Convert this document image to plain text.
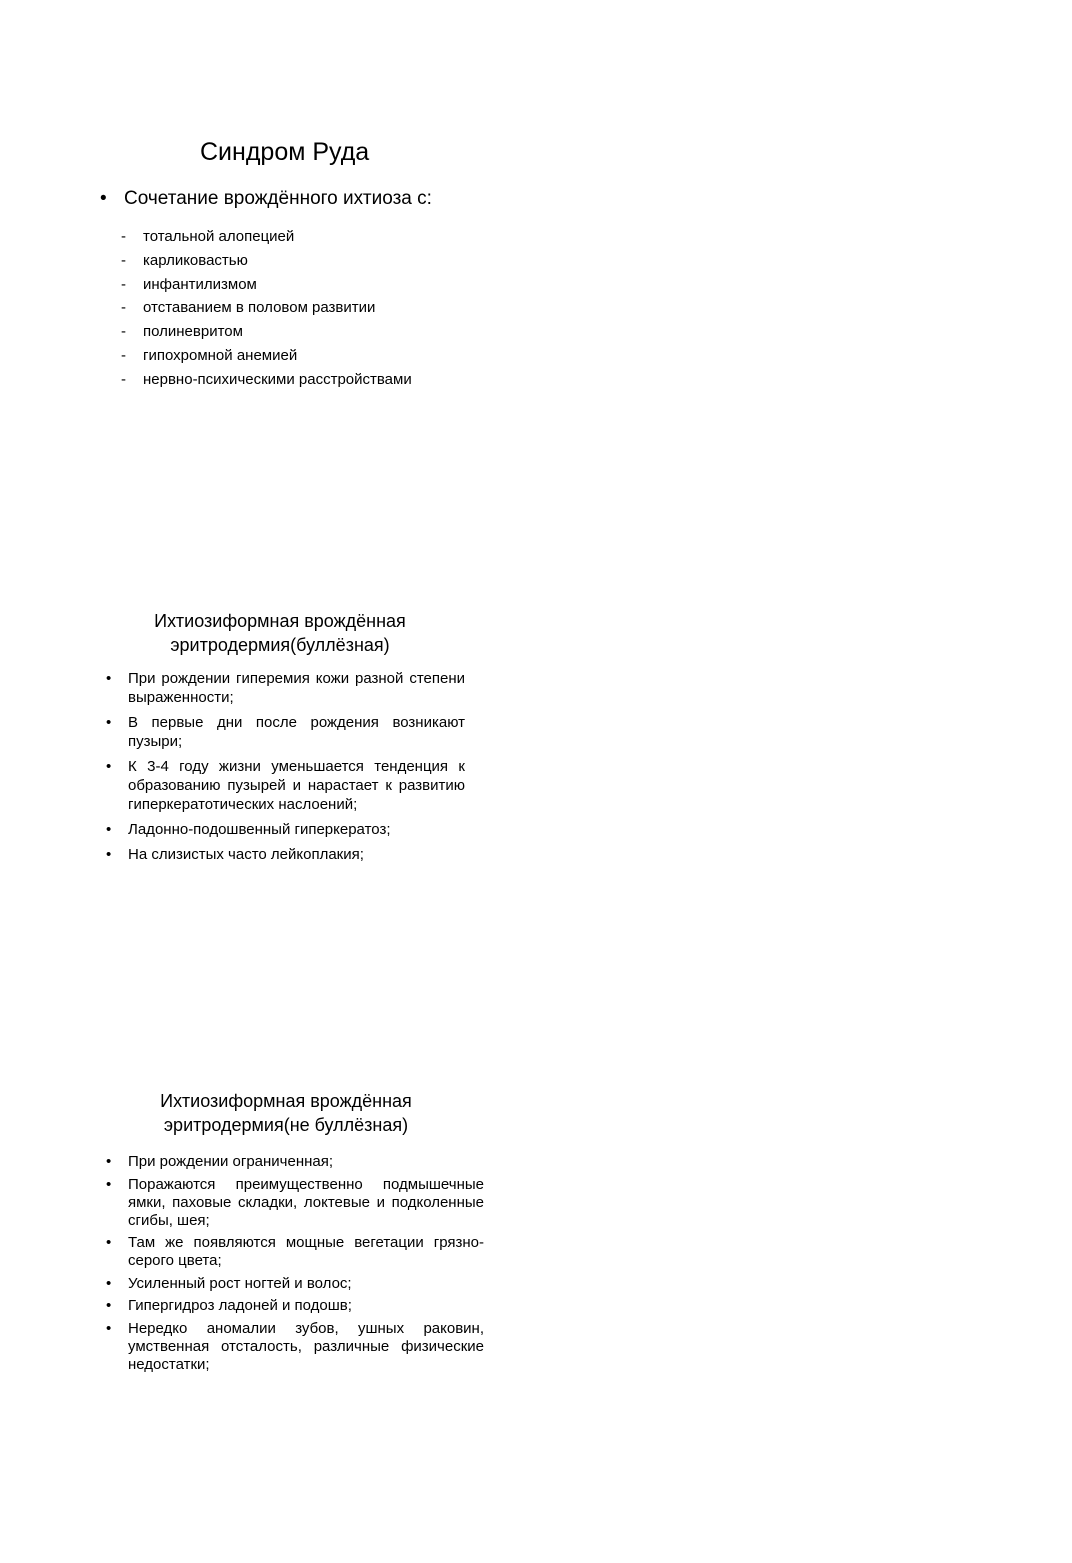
Синдром Руда
• Сочетание врождённого ихтиоза с:
- тотальной алопецией
- карликовастью
- инфантилизмом
- отставанием в половом развитии
- полиневритом
- гипохромной анемией
- нервно-психическими расстройствами
Ихтиозиформная врождённая
эритродермия(буллёзная)
• При рождении гиперемия кожи разной степени выраженности;
• В первые дни после рождения возникают пузыри;
• К 3-4 году жизни уменьшается тенденция к образованию пузырей и нарастает к развитию гиперкератотических наслоений;
• Ладонно-подошвенный гиперкератоз;
• На слизистых часто лейкоплакия;
Ихтиозиформная врождённая
эритродермия(не буллёзная)
• При рождении ограниченная;
• Поражаются преимущественно подмышечные ямки, паховые складки, локтевые и подколенные сгибы, шея;
• Там же появляются мощные вегетации грязно-серого цвета;
• Усиленный рост ногтей и волос;
• Гипергидроз ладоней и подошв;
• Нередко аномалии зубов, ушных раковин, умственная отсталость, различные физические недостатки;
